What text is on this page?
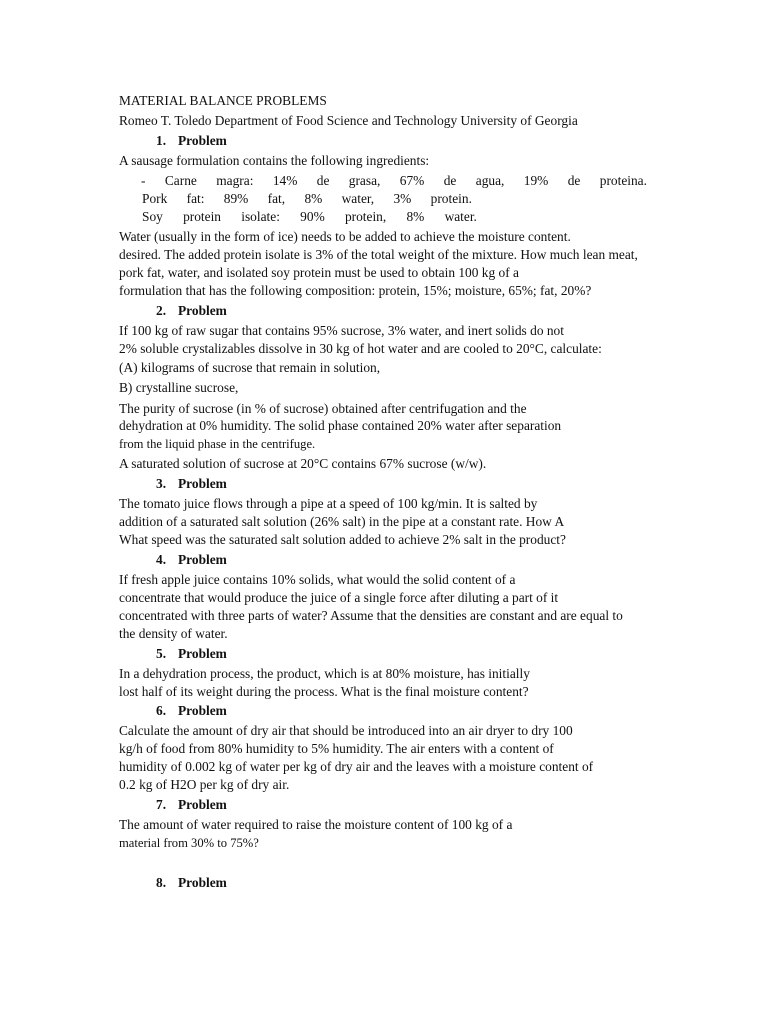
MATERIAL BALANCE PROBLEMS
Romeo T. Toledo Department of Food Science and Technology University of Georgia
1. Problem
A sausage formulation contains the following ingredients:
- Carne magra: 14% de grasa, 67% de agua, 19% de proteina.
Pork fat: 89% fat, 8% water, 3% protein.
Soy protein isolate: 90% protein, 8% water.
Water (usually in the form of ice) needs to be added to achieve the moisture content.
desired. The added protein isolate is 3% of the total weight of the mixture. How much lean meat,
pork fat, water, and isolated soy protein must be used to obtain 100 kg of a
formulation that has the following composition: protein, 15%; moisture, 65%; fat, 20%?
2. Problem
If 100 kg of raw sugar that contains 95% sucrose, 3% water, and inert solids do not
2% soluble crystalizables dissolve in 30 kg of hot water and are cooled to 20°C, calculate:
(A) kilograms of sucrose that remain in solution,
B) crystalline sucrose,
The purity of sucrose (in % of sucrose) obtained after centrifugation and the
dehydration at 0% humidity. The solid phase contained 20% water after separation
from the liquid phase in the centrifuge.
A saturated solution of sucrose at 20°C contains 67% sucrose (w/w).
3. Problem
The tomato juice flows through a pipe at a speed of 100 kg/min. It is salted by
addition of a saturated salt solution (26% salt) in the pipe at a constant rate. How A
What speed was the saturated salt solution added to achieve 2% salt in the product?
4. Problem
If fresh apple juice contains 10% solids, what would the solid content of a
concentrate that would produce the juice of a single force after diluting a part of it
concentrated with three parts of water? Assume that the densities are constant and are equal to
the density of water.
5. Problem
In a dehydration process, the product, which is at 80% moisture, has initially
lost half of its weight during the process. What is the final moisture content?
6. Problem
Calculate the amount of dry air that should be introduced into an air dryer to dry 100
kg/h of food from 80% humidity to 5% humidity. The air enters with a content of
humidity of 0.002 kg of water per kg of dry air and the leaves with a moisture content of
0.2 kg of H2O per kg of dry air.
7. Problem
The amount of water required to raise the moisture content of 100 kg of a
material from 30% to 75%?
8. Problem
